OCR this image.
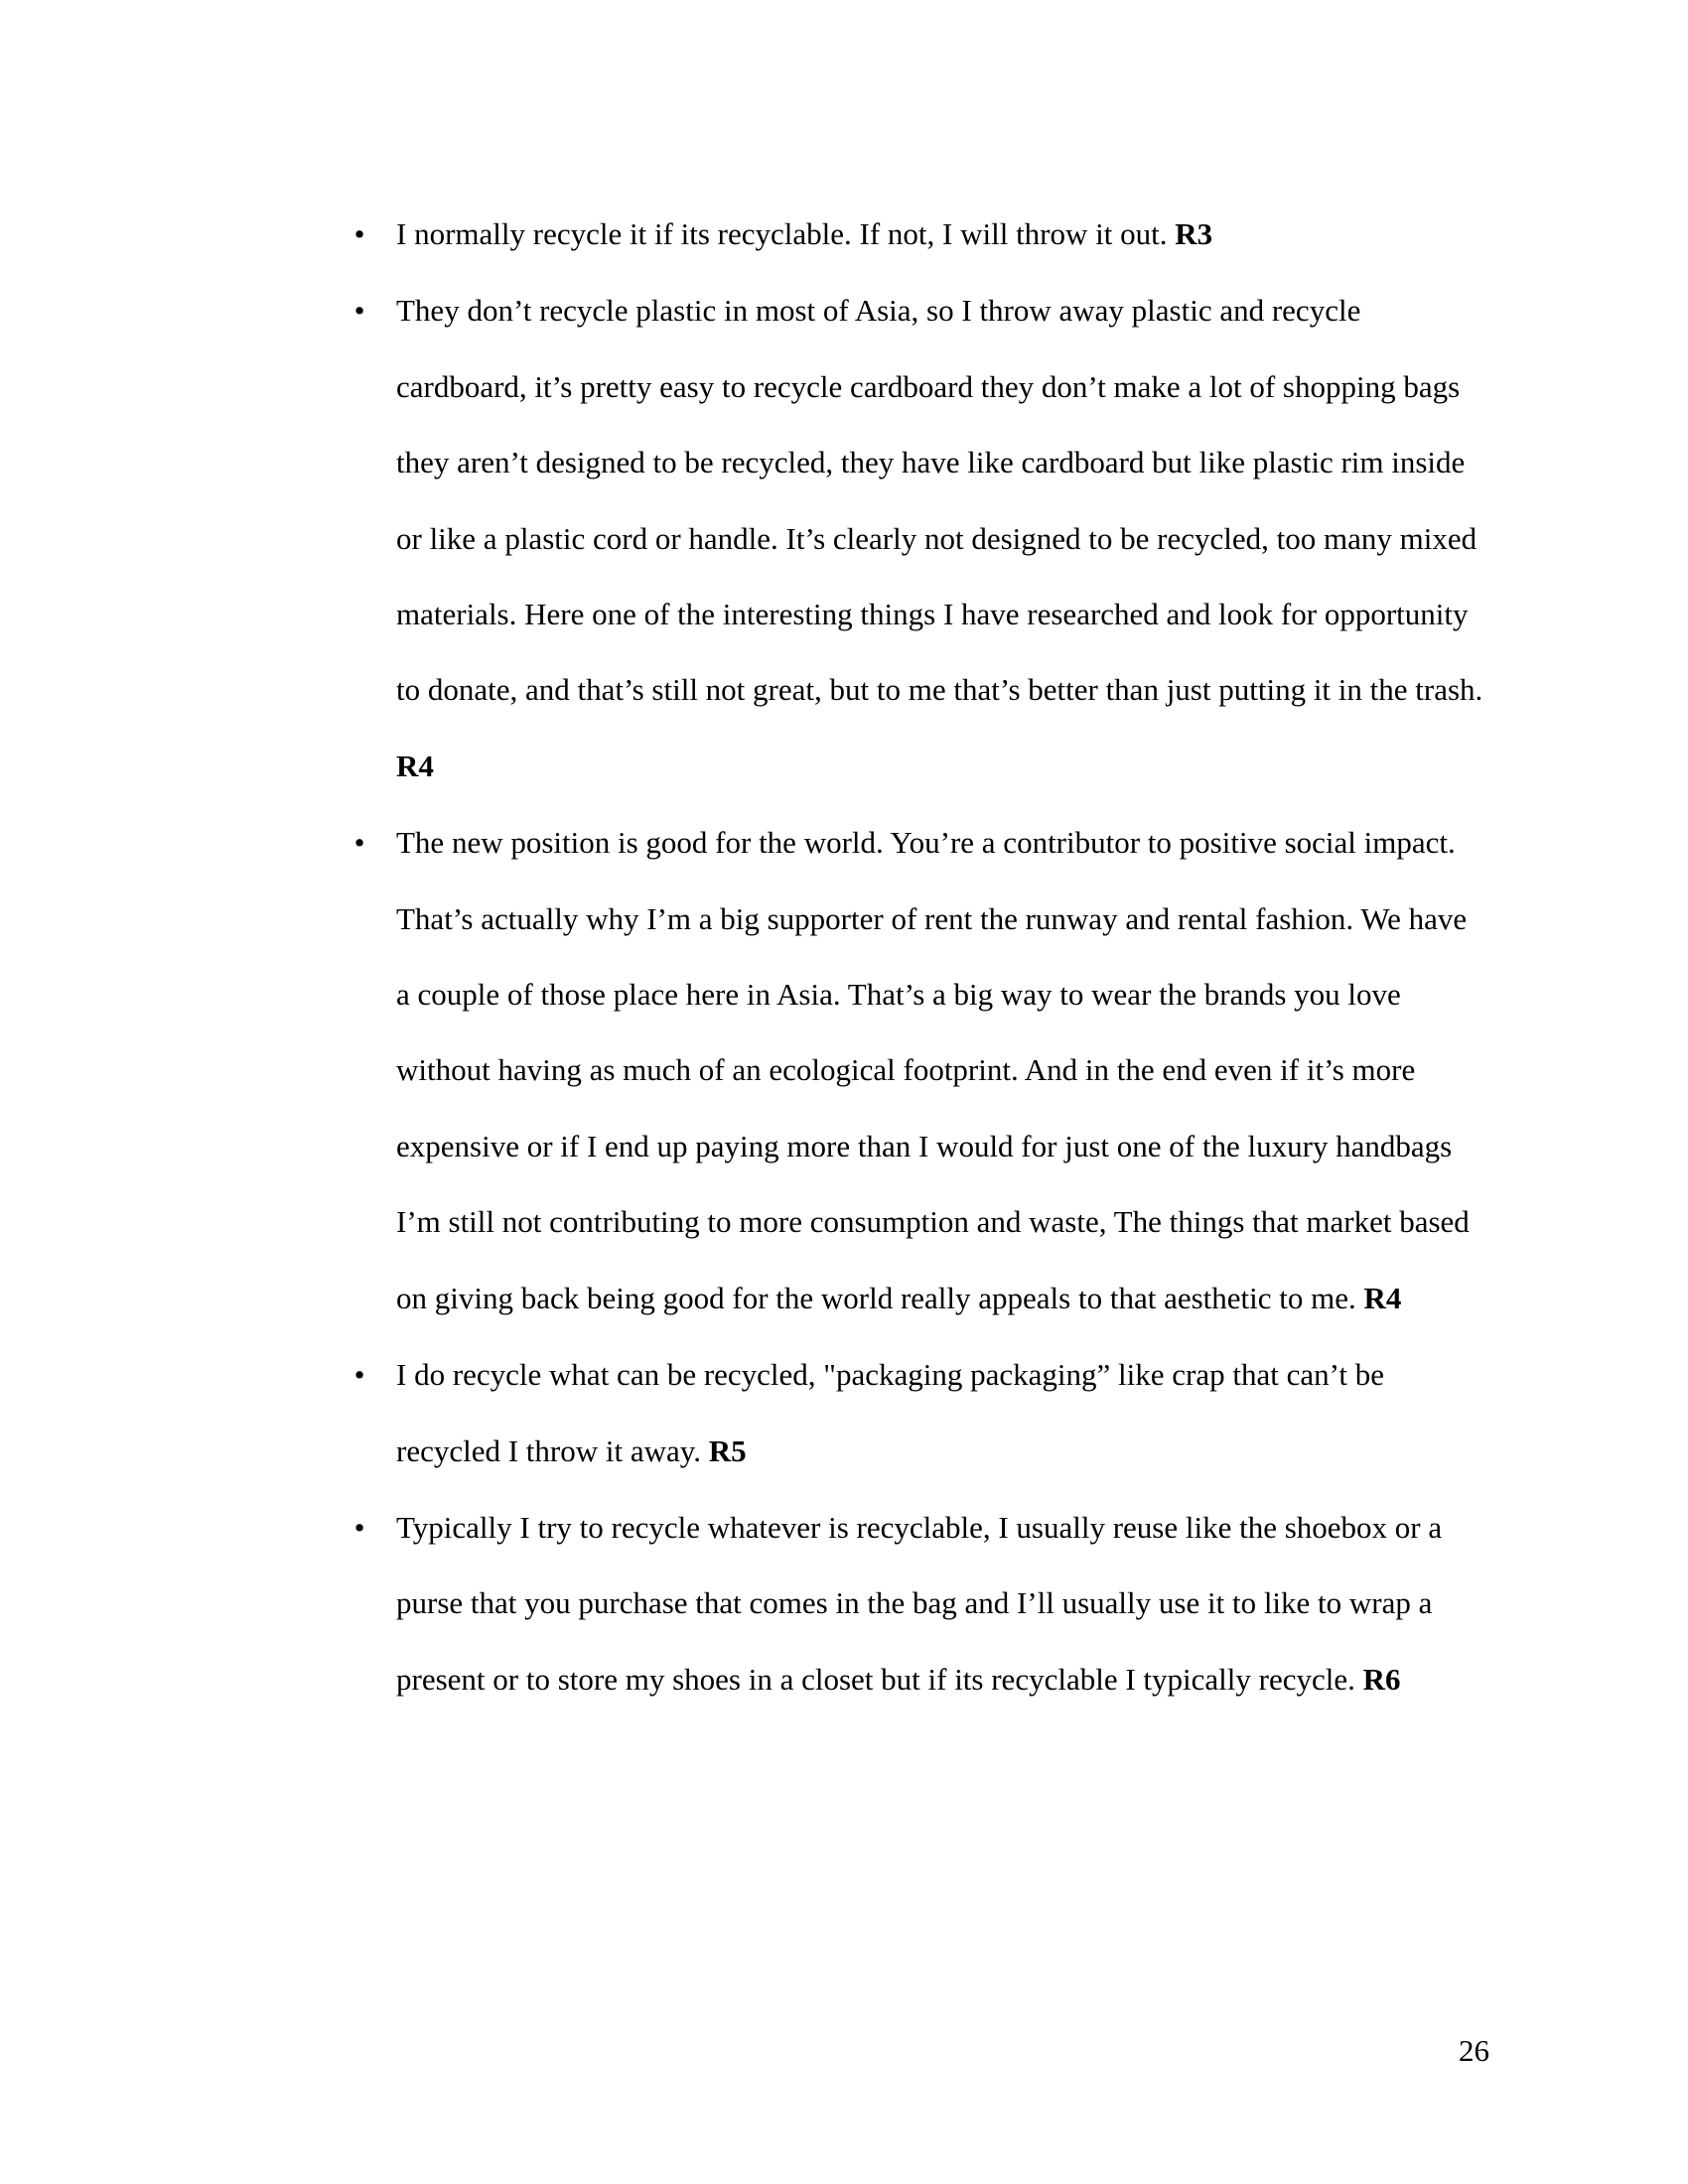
• I normally recycle it if its recyclable. If not, I will throw it out. R3
• They don’t recycle plastic in most of Asia, so I throw away plastic and recycle cardboard, it’s pretty easy to recycle cardboard they don’t make a lot of shopping bags they aren’t designed to be recycled, they have like cardboard but like plastic rim inside or like a plastic cord or handle. It’s clearly not designed to be recycled, too many mixed materials. Here one of the interesting things I have researched and look for opportunity to donate, and that’s still not great, but to me that’s better than just putting it in the trash. R4
• The new position is good for the world. You’re a contributor to positive social impact. That’s actually why I’m a big supporter of rent the runway and rental fashion. We have a couple of those place here in Asia. That’s a big way to wear the brands you love without having as much of an ecological footprint. And in the end even if it’s more expensive or if I end up paying more than I would for just one of the luxury handbags I’m still not contributing to more consumption and waste, The things that market based on giving back being good for the world really appeals to that aesthetic to me. R4
• I do recycle what can be recycled, "packaging packaging” like crap that can’t be recycled I throw it away. R5
• Typically I try to recycle whatever is recyclable, I usually reuse like the shoebox or a purse that you purchase that comes in the bag and I’ll usually use it to like to wrap a present or to store my shoes in a closet but if its recyclable I typically recycle. R6
26
